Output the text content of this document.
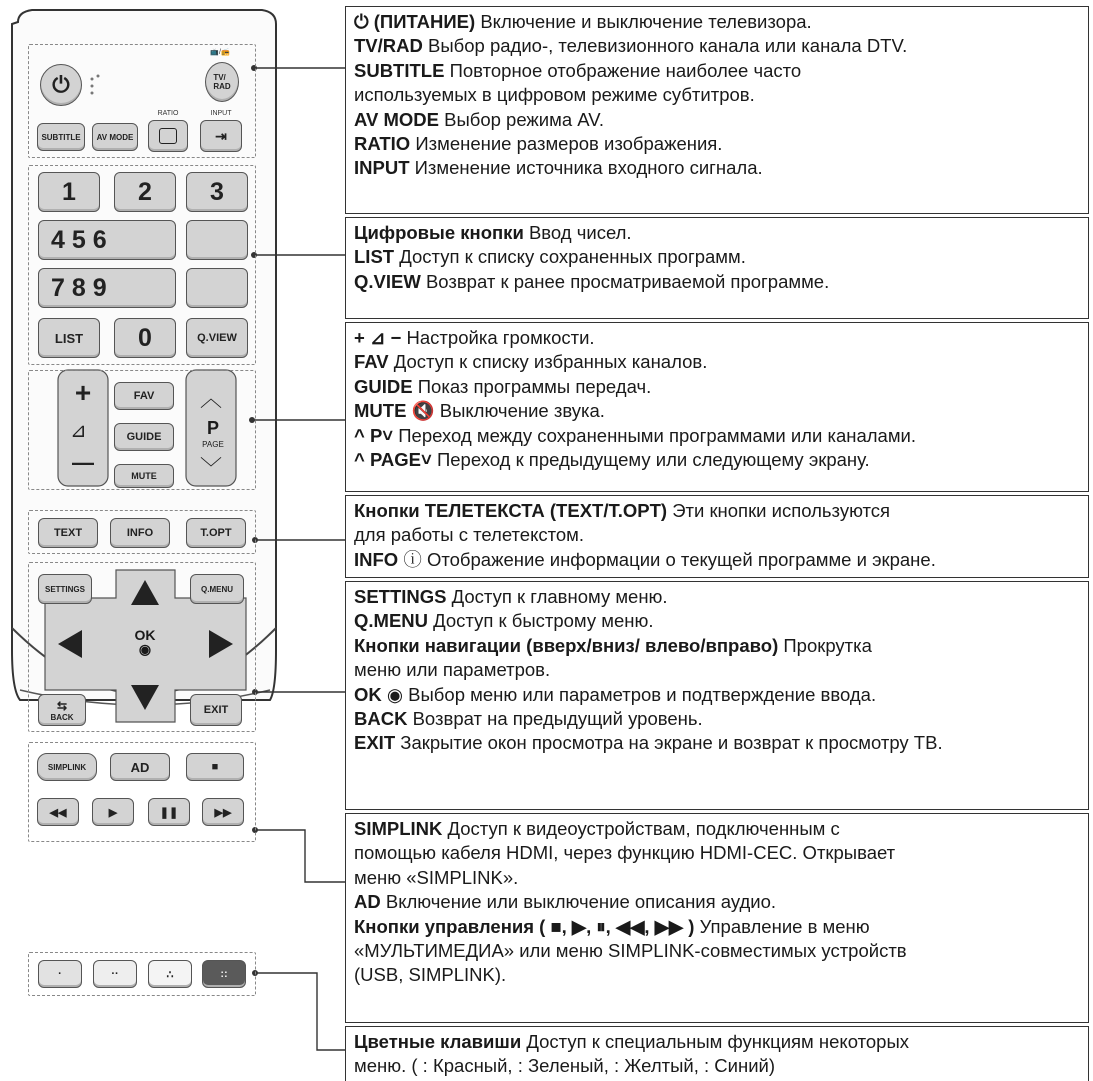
⏻
📺/📻
TV/
RAD
SUBTITLE	AV MODE
RATIO	INPUT
⇥
1	2	3
4 5 6
7 8 9
LIST	0	Q.VIEW
+
⊿
—
FAV
GUIDE
MUTE
︿
P
PAGE
﹀
TEXT	INFO	T.OPT
SETTINGS	Q.MENU
OK
◉
⇆
BACK
EXIT
SIMPLINK	AD	■
◀◀	▶	❚❚	▶▶
·	··	∴	::
⏻ (ПИТАНИЕ) Включение и выключение телевизора.
TV/RAD Выбор радио-, телевизионного канала или канала DTV.
SUBTITLE Повторное отображение наиболее часто
используемых в цифровом режиме субтитров.
AV MODE Выбор режима AV.
RATIO Изменение размеров изображения.
INPUT Изменение источника входного сигнала.
Цифровые кнопки Ввод чисел.
LIST Доступ к списку сохраненных программ.
Q.VIEW Возврат к ранее просматриваемой программе.
+ ⊿ − Настройка громкости.
FAV Доступ к списку избранных каналов.
GUIDE Показ программы передач.
MUTE 🔇 Выключение звука.
^ P˅ Переход между сохраненными программами или каналами.
^ PAGE˅ Переход к предыдущему или следующему экрану.
Кнопки ТЕЛЕТЕКСТА (TEXT/T.OPT) Эти кнопки используются
для работы с телетекстом.
INFO ⓘ Отображение информации о текущей программе и экране.
SETTINGS Доступ к главному меню.
Q.MENU Доступ к быстрому меню.
Кнопки навигации (вверх/вниз/ влево/вправо) Прокрутка
меню или параметров.
OK ◉ Выбор меню или параметров и подтверждение ввода.
BACK Возврат на предыдущий уровень.
EXIT Закрытие окон просмотра на экране и возврат к просмотру ТВ.
SIMPLINK Доступ к видеоустройствам, подключенным с
помощью кабеля HDMI, через функцию HDMI-CEC. Открывает
меню «SIMPLINK».
AD Включение или выключение описания аудио.
Кнопки управления ( ■, ▶, ⏸, ◀◀, ▶▶ ) Управление в меню
«МУЛЬТИМЕДИА» или меню SIMPLINK-совместимых устройств
(USB, SIMPLINK).
Цветные клавиши Доступ к специальным функциям некоторых
меню. ( : Красный, : Зеленый, : Желтый, : Синий)
